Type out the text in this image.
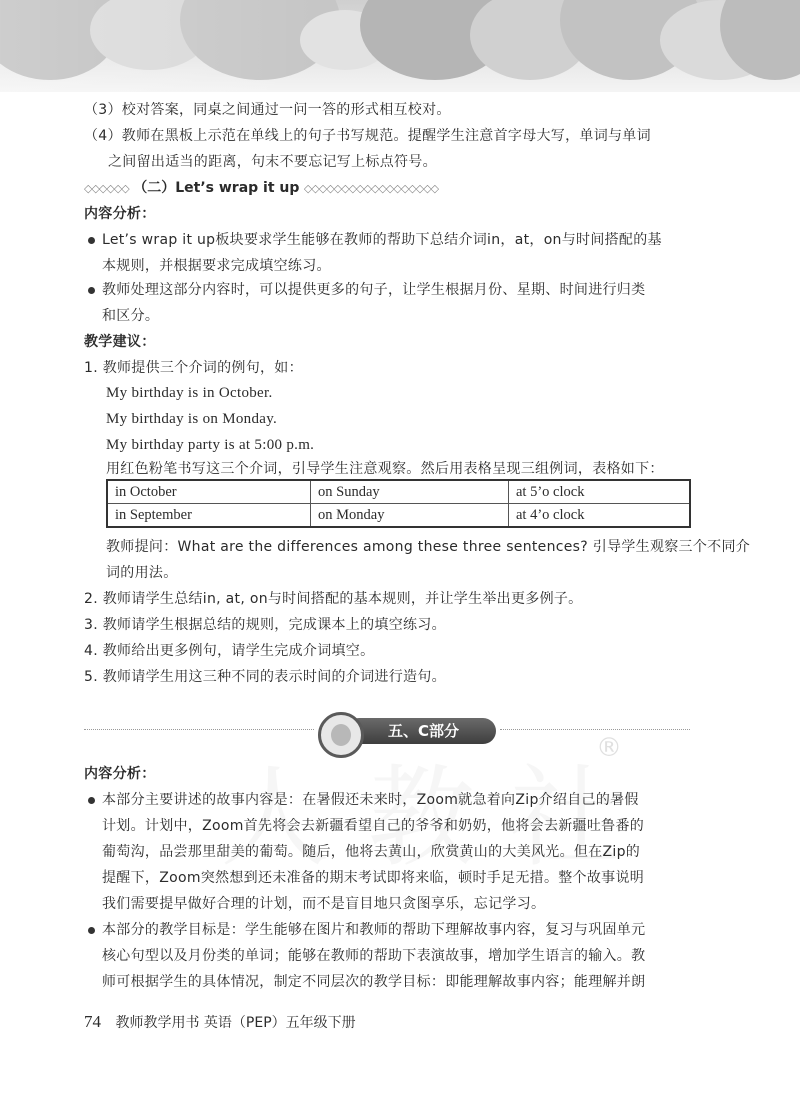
（3）校对答案，同桌之间通过一问一答的形式相互校对。
（4）教师在黑板上示范在单线上的句子书写规范。提醒学生注意首字母大写，单词与单词
之间留出适当的距离，句末不要忘记写上标点符号。
◇◇◇◇◇◇ （二）Let’s wrap it up ◇◇◇◇◇◇◇◇◇◇◇◇◇◇◇◇◇◇
内容分析：
Let’s wrap it up板块要求学生能够在教师的帮助下总结介词in，at，on与时间搭配的基
本规则，并根据要求完成填空练习。
教师处理这部分内容时，可以提供更多的句子，让学生根据月份、星期、时间进行归类
和区分。
教学建议：
1. 教师提供三个介词的例句，如：
My birthday is in October.
My birthday is on Monday.
My birthday party is at 5:00 p.m.
用红色粉笔书写这三个介词，引导学生注意观察。然后用表格呈现三组例词，表格如下：
in October	on Sunday	at 5’o clock
in September	on Monday	at 4’o clock
教师提问：What are the differences among these three sentences? 引导学生观察三个不同介
词的用法。
2. 教师请学生总结in, at, on与时间搭配的基本规则，并让学生举出更多例子。
3. 教师请学生根据总结的规则，完成课本上的填空练习。
4. 教师给出更多例句，请学生完成介词填空。
5. 教师请学生用这三种不同的表示时间的介词进行造句。
五、C部分
®
内容分析：
本部分主要讲述的故事内容是：在暑假还未来时，Zoom就急着向Zip介绍自己的暑假
计划。计划中，Zoom首先将会去新疆看望自己的爷爷和奶奶，他将会去新疆吐鲁番的
葡萄沟，品尝那里甜美的葡萄。随后，他将去黄山，欣赏黄山的大美风光。但在Zip的
提醒下，Zoom突然想到还未准备的期末考试即将来临，顿时手足无措。整个故事说明
我们需要提早做好合理的计划，而不是盲目地只贪图享乐，忘记学习。
本部分的教学目标是：学生能够在图片和教师的帮助下理解故事内容，复习与巩固单元
核心句型以及月份类的单词；能够在教师的帮助下表演故事，增加学生语言的输入。教
师可根据学生的具体情况，制定不同层次的教学目标：即能理解故事内容；能理解并朗
74 教师教学用书 英语（PEP）五年级下册
